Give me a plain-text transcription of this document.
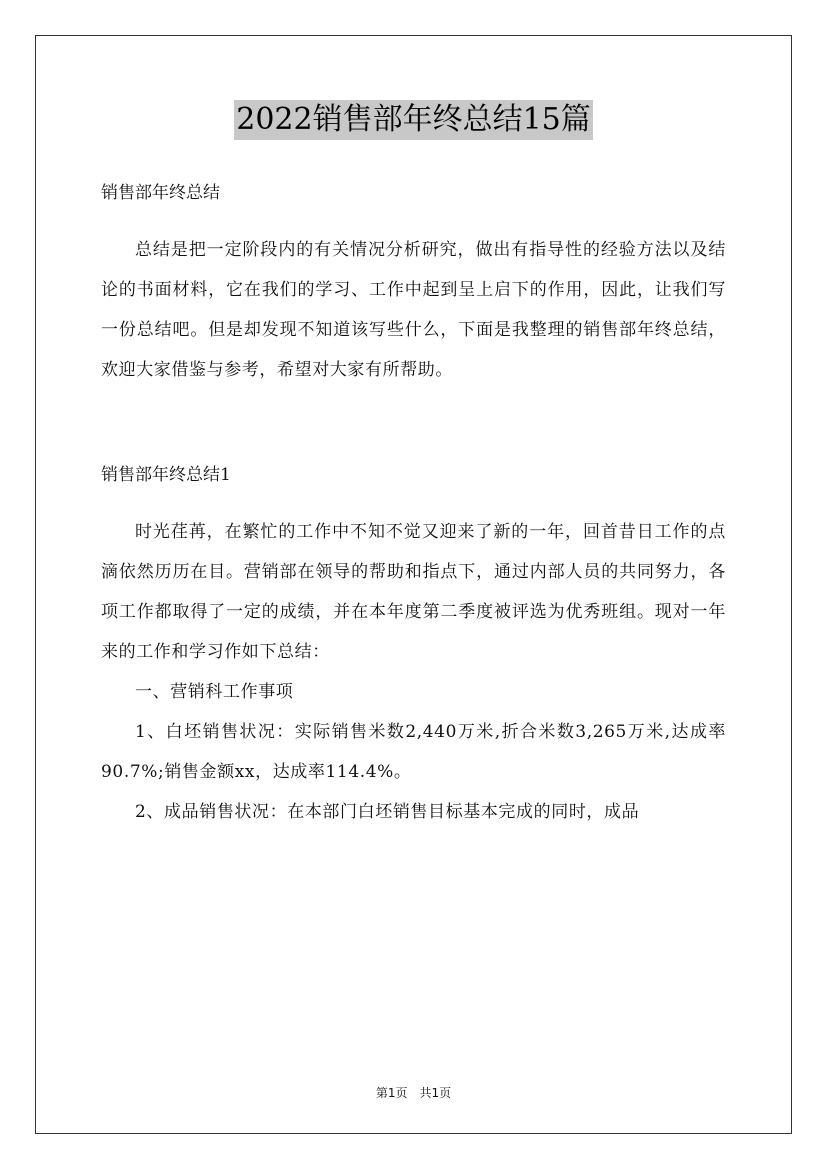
2022销售部年终总结15篇

销售部年终总结

总结是把一定阶段内的有关情况分析研究，做出有指导性的经验方法以及结论的书面材料，它在我们的学习、工作中起到呈上启下的作用，因此，让我们写一份总结吧。但是却发现不知道该写些什么，下面是我整理的销售部年终总结，欢迎大家借鉴与参考，希望对大家有所帮助。

销售部年终总结1

时光荏苒，在繁忙的工作中不知不觉又迎来了新的一年，回首昔日工作的点滴依然历历在目。营销部在领导的帮助和指点下，通过内部人员的共同努力，各项工作都取得了一定的成绩，并在本年度第二季度被评选为优秀班组。现对一年来的工作和学习作如下总结：

一、营销科工作事项

1、白坯销售状况：实际销售米数2,440万米,折合米数3,265万米,达成率90.7%;销售金额xx，达成率114.4%。

2、成品销售状况：在本部门白坯销售目标基本完成的同时，成品

第1页　共1页
